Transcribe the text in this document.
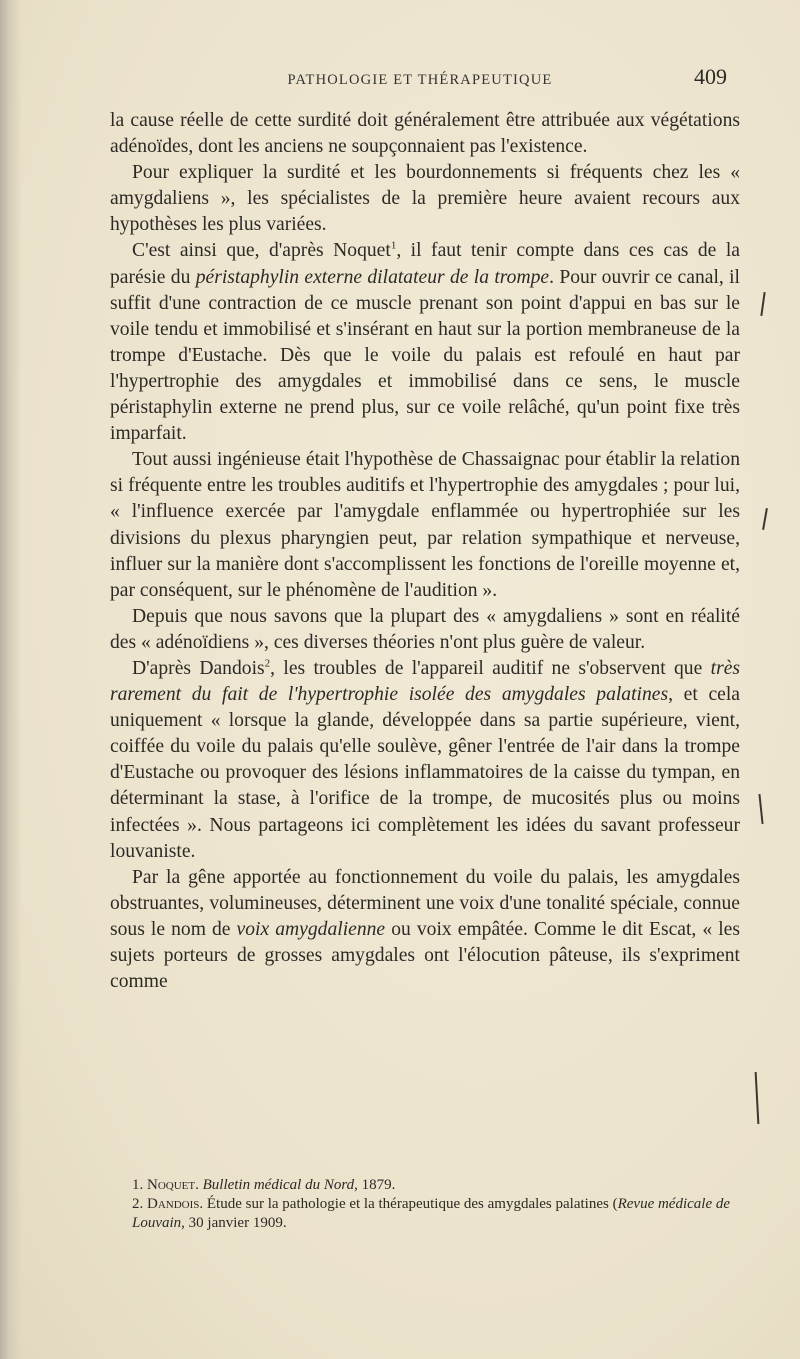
PATHOLOGIE ET THÉRAPEUTIQUE	409

la cause réelle de cette surdité doit généralement être attribuée aux végétations adénoïdes, dont les anciens ne soupçonnaient pas l'existence.

Pour expliquer la surdité et les bourdonnements si fréquents chez les « amygdaliens », les spécialistes de la première heure avaient recours aux hypothèses les plus variées.

C'est ainsi que, d'après Noquet$^1$, il faut tenir compte dans ces cas de la parésie du péristaphylin externe dilatateur de la trompe. Pour ouvrir ce canal, il suffit d'une contraction de ce muscle prenant son point d'appui en bas sur le voile tendu et immobilisé et s'insérant en haut sur la portion membraneuse de la trompe d'Eustache. Dès que le voile du palais est refoulé en haut par l'hypertrophie des amygdales et immobilisé dans ce sens, le muscle péristaphylin externe ne prend plus, sur ce voile relâché, qu'un point fixe très imparfait.

Tout aussi ingénieuse était l'hypothèse de Chassaignac pour établir la relation si fréquente entre les troubles auditifs et l'hypertrophie des amygdales ; pour lui, « l'influence exercée par l'amygdale enflammée ou hypertrophiée sur les divisions du plexus pharyngien peut, par relation sympathique et nerveuse, influer sur la manière dont s'accomplissent les fonctions de l'oreille moyenne et, par conséquent, sur le phénomène de l'audition ».

Depuis que nous savons que la plupart des « amygdaliens » sont en réalité des « adénoïdiens », ces diverses théories n'ont plus guère de valeur.

D'après Dandois$^2$, les troubles de l'appareil auditif ne s'observent que très rarement du fait de l'hypertrophie isolée des amygdales palatines, et cela uniquement « lorsque la glande, développée dans sa partie supérieure, vient, coiffée du voile du palais qu'elle soulève, gêner l'entrée de l'air dans la trompe d'Eustache ou provoquer des lésions inflammatoires de la caisse du tympan, en déterminant la stase, à l'orifice de la trompe, de mucosités plus ou moins infectées ». Nous partageons ici complètement les idées du savant professeur louvaniste.

Par la gêne apportée au fonctionnement du voile du palais, les amygdales obstruantes, volumineuses, déterminent une voix d'une tonalité spéciale, connue sous le nom de voix amygdalienne ou voix empâtée. Comme le dit Escat, « les sujets porteurs de grosses amygdales ont l'élocution pâteuse, ils s'expriment comme

1. Noquet. Bulletin médical du Nord, 1879.

2. Dandois. Étude sur la pathologie et la thérapeutique des amygdales palatines (Revue médicale de Louvain, 30 janvier 1909.
